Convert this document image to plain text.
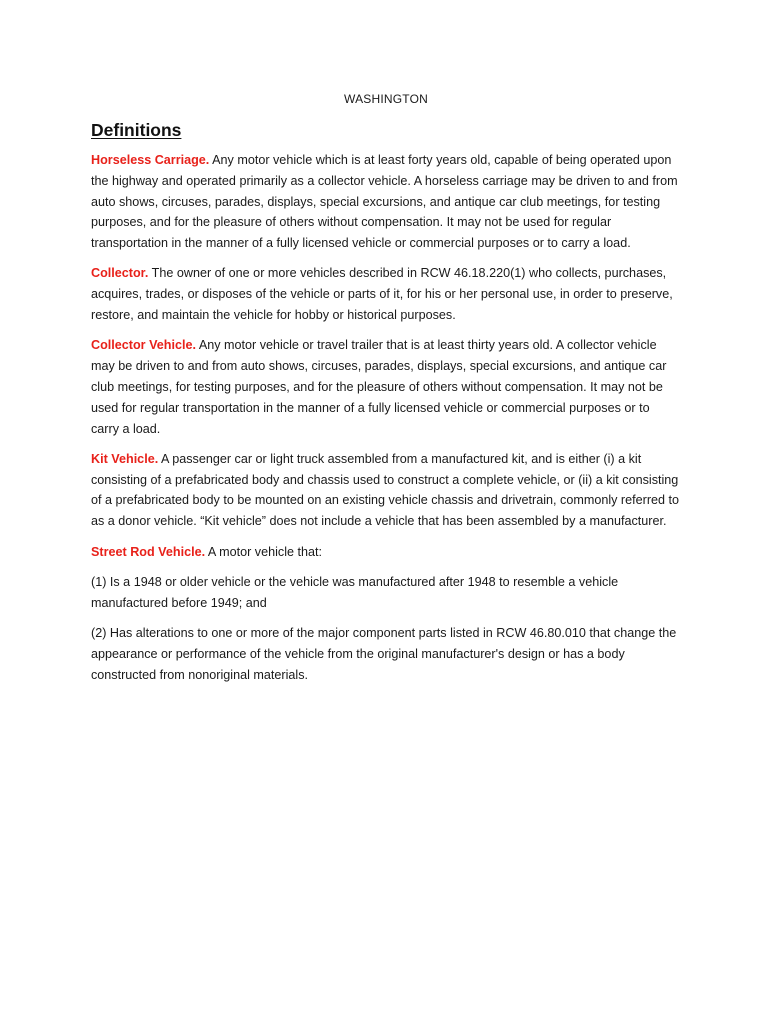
WASHINGTON
Definitions

Horseless Carriage. Any motor vehicle which is at least forty years old, capable of being operated upon the highway and operated primarily as a collector vehicle. A horseless carriage may be driven to and from auto shows, circuses, parades, displays, special excursions, and antique car club meetings, for testing purposes, and for the pleasure of others without compensation. It may not be used for regular transportation in the manner of a fully licensed vehicle or commercial purposes or to carry a load.

Collector. The owner of one or more vehicles described in RCW 46.18.220(1) who collects, purchases, acquires, trades, or disposes of the vehicle or parts of it, for his or her personal use, in order to preserve, restore, and maintain the vehicle for hobby or historical purposes.

Collector Vehicle. Any motor vehicle or travel trailer that is at least thirty years old. A collector vehicle may be driven to and from auto shows, circuses, parades, displays, special excursions, and antique car club meetings, for testing purposes, and for the pleasure of others without compensation. It may not be used for regular transportation in the manner of a fully licensed vehicle or commercial purposes or to carry a load.

Kit Vehicle. A passenger car or light truck assembled from a manufactured kit, and is either (i) a kit consisting of a prefabricated body and chassis used to construct a complete vehicle, or (ii) a kit consisting of a prefabricated body to be mounted on an existing vehicle chassis and drivetrain, commonly referred to as a donor vehicle. “Kit vehicle” does not include a vehicle that has been assembled by a manufacturer.

Street Rod Vehicle. A motor vehicle that:

(1) Is a 1948 or older vehicle or the vehicle was manufactured after 1948 to resemble a vehicle manufactured before 1949; and

(2) Has alterations to one or more of the major component parts listed in RCW 46.80.010 that change the appearance or performance of the vehicle from the original manufacturer's design or has a body constructed from nonoriginal materials.
